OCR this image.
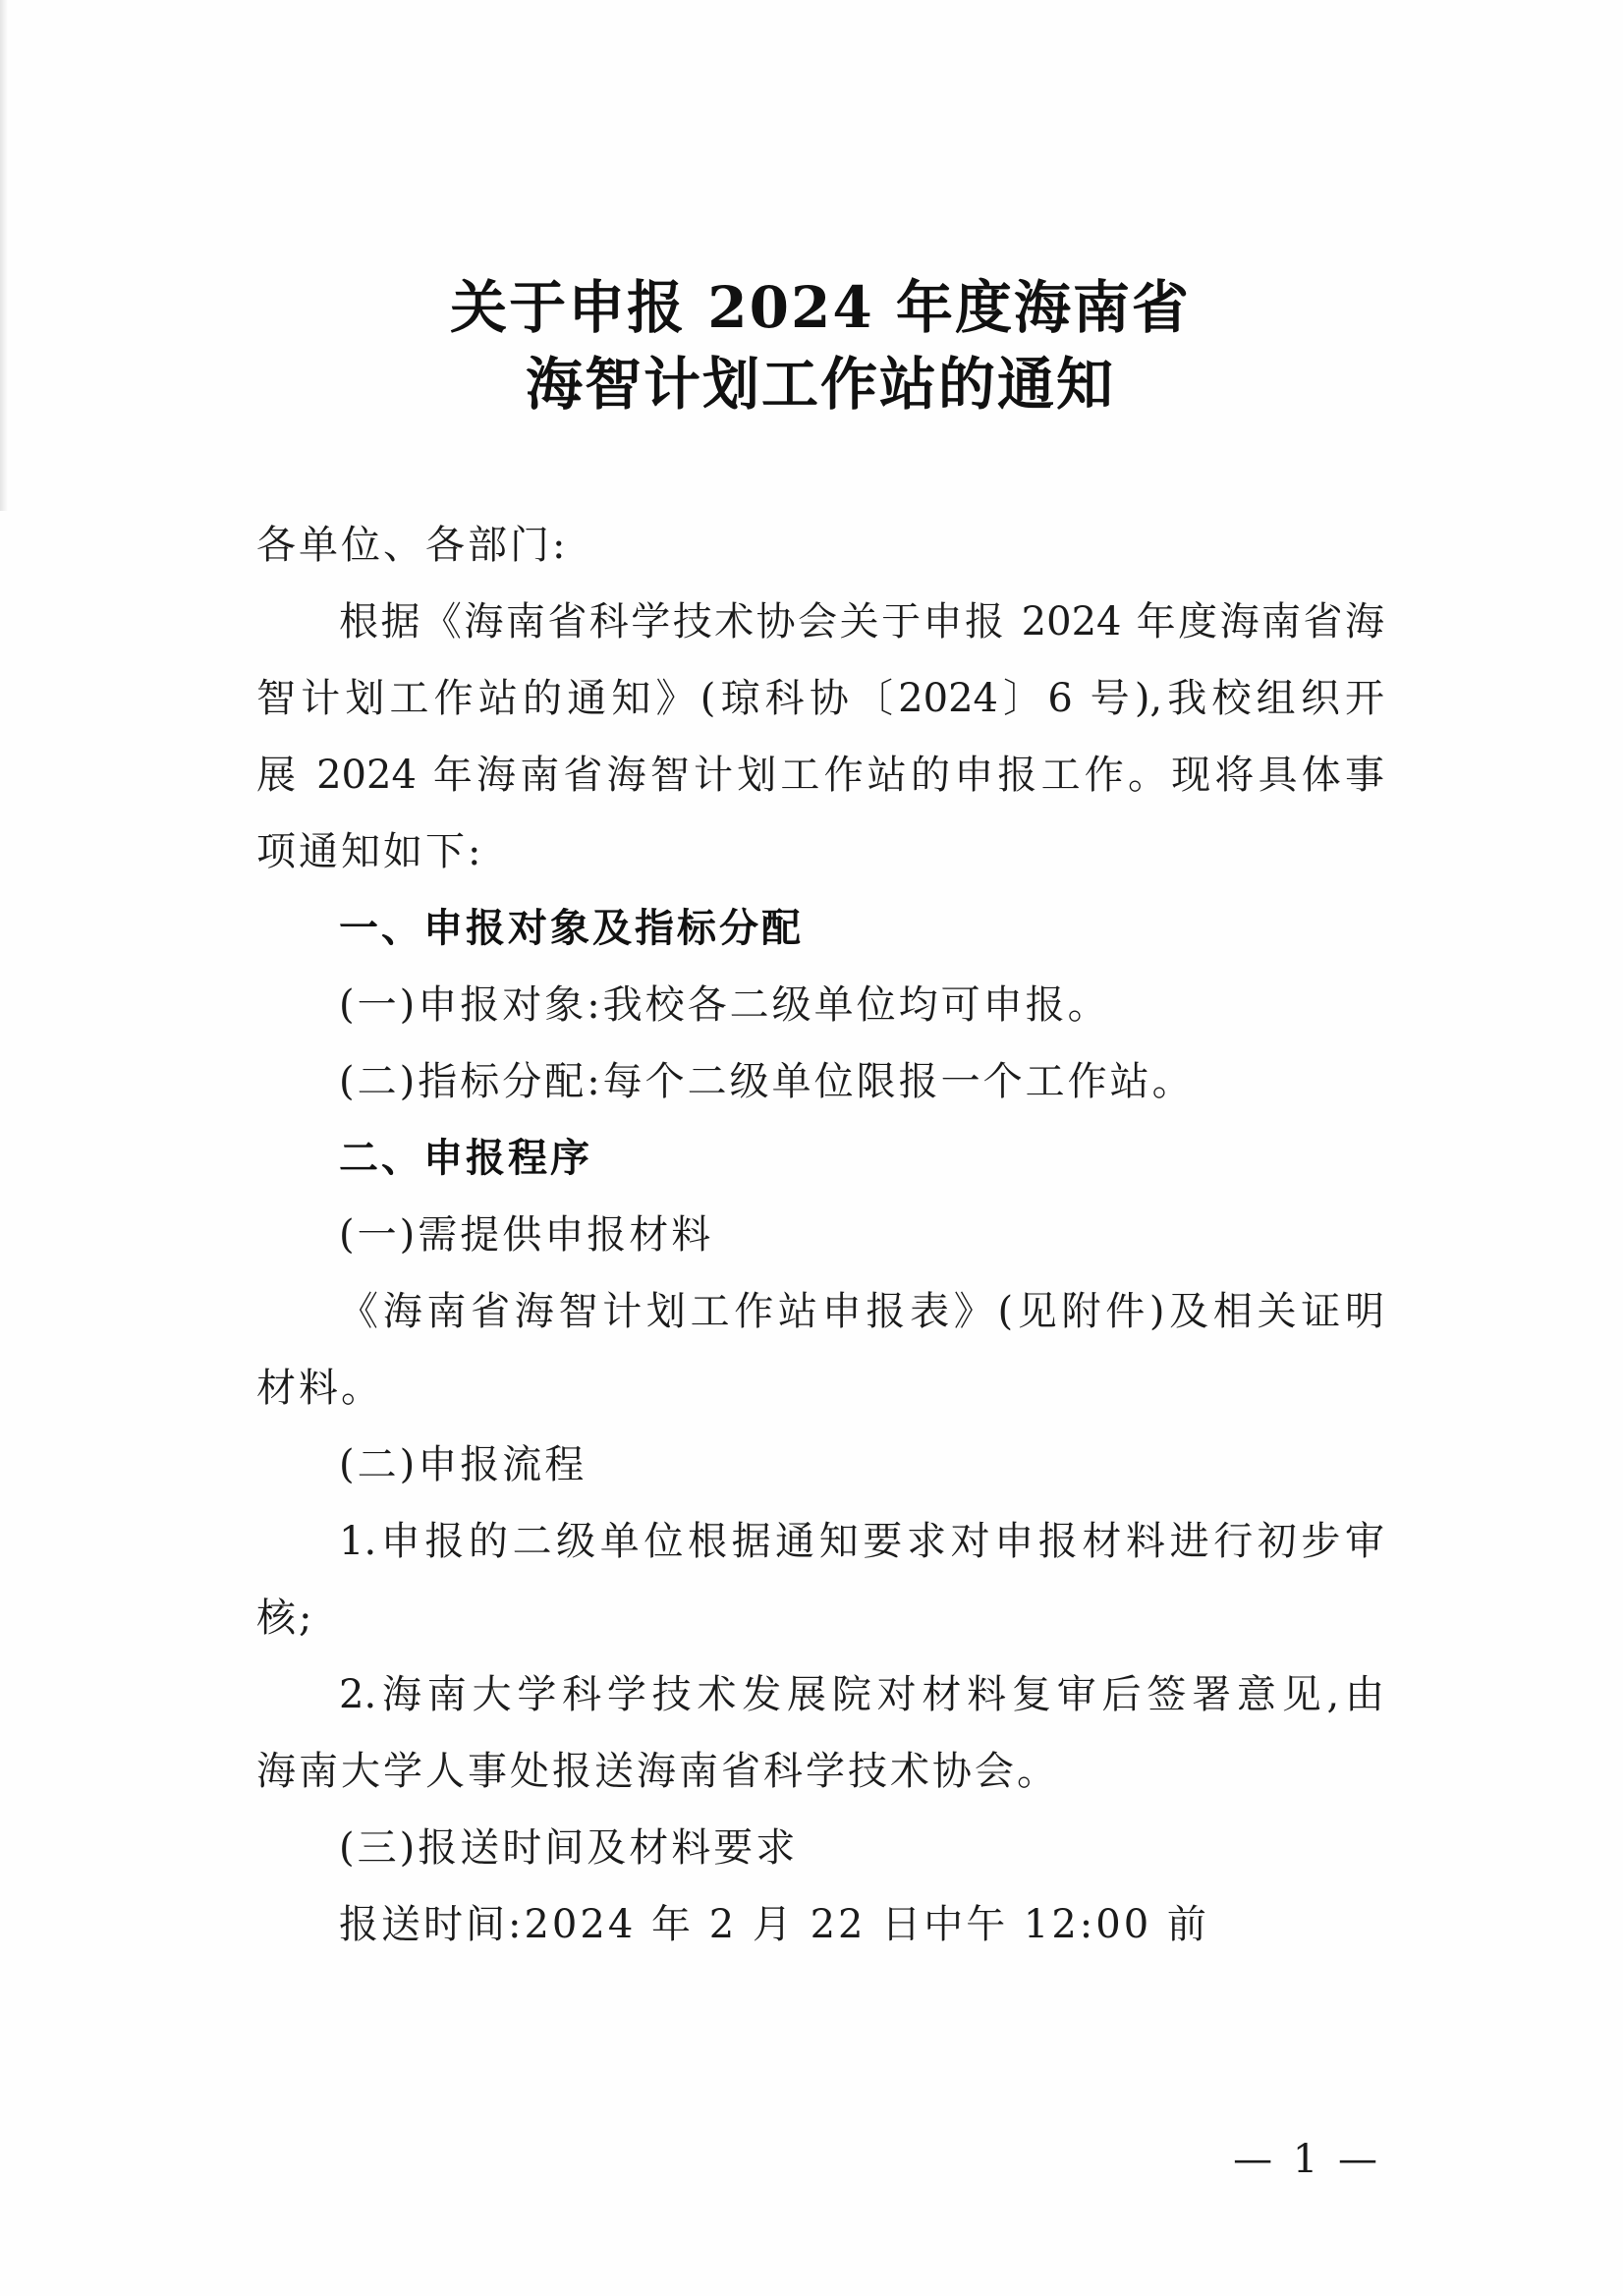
关于申报 2024 年度海南省
海智计划工作站的通知
各单位、各部门:
根据《海南省科学技术协会关于申报 2024 年度海南省海
智计划工作站的通知》(琼科协〔2024〕6 号),我校组织开
展 2024 年海南省海智计划工作站的申报工作。现将具体事
项通知如下:
一、申报对象及指标分配
(一)申报对象:我校各二级单位均可申报。
(二)指标分配:每个二级单位限报一个工作站。
二、申报程序
(一)需提供申报材料
《海南省海智计划工作站申报表》(见附件)及相关证明
材料。
(二)申报流程
1.申报的二级单位根据通知要求对申报材料进行初步审
核;
2.海南大学科学技术发展院对材料复审后签署意见,由
海南大学人事处报送海南省科学技术协会。
(三)报送时间及材料要求
报送时间:2024 年 2 月 22 日中午 12:00 前
— 1 —
